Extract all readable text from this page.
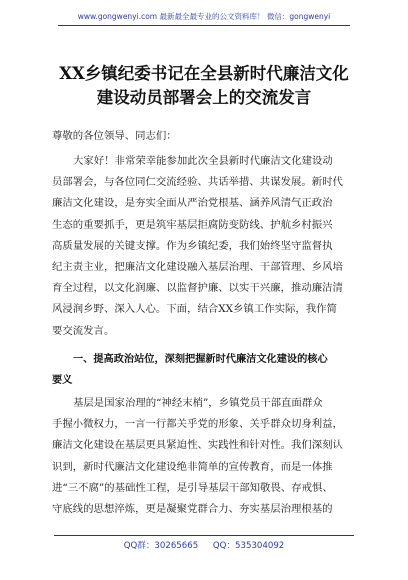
www.gongwenyi.com 最新最全最专业的公文资料库！ 微信：gongwenyi
XX乡镇纪委书记在全县新时代廉洁文化
建设动员部署会上的交流发言
尊敬的各位领导、同志们：
大家好！非常荣幸能参加此次全县新时代廉洁文化建设动
员部署会，与各位同仁交流经验、共话举措、共谋发展。新时代
廉洁文化建设，是夯实全面从严治党根基、涵养风清气正政治
生态的重要抓手，更是筑牢基层拒腐防变防线、护航乡村振兴
高质量发展的关键支撑。作为乡镇纪委，我们始终坚守监督执
纪主责主业，把廉洁文化建设融入基层治理、干部管理、乡风培
育全过程，以文化润廉、以监督护廉、以实干兴廉，推动廉洁清
风浸润乡野、深入人心。下面，结合XX乡镇工作实际，我作简
要交流发言。
一、提高政治站位，深刻把握新时代廉洁文化建设的核心
要义
基层是国家治理的“神经末梢”，乡镇党员干部直面群众
手握小微权力，一言一行都关乎党的形象、关乎群众切身利益，
廉洁文化建设在基层更具紧迫性、实践性和针对性。我们深刻认
识到，新时代廉洁文化建设绝非简单的宣传教育，而是一体推
进“三不腐”的基础性工程，是引导基层干部知敬畏、存戒惧、
守底线的思想淬炼，更是凝聚党群合力、夯实基层治理根基的
QQ群：30265665 QQ：535304092
